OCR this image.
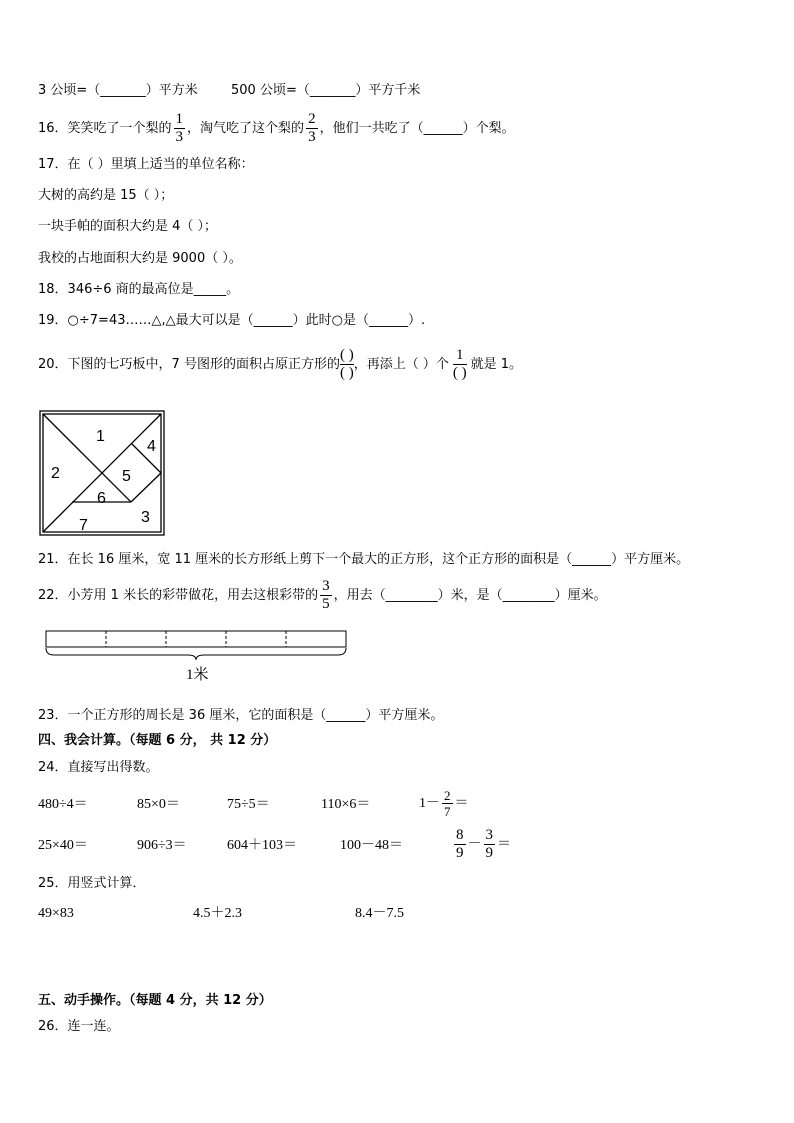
3 公顷=（_______）平方米	500 公顷=（_______）平方千米
16．笑笑吃了一个梨的 $\frac{1}{3}$ ，淘气吃了这个梨的 $\frac{2}{3}$ ，他们一共吃了（______）个梨。
17．在（ ）里填上适当的单位名称：
大树的高约是 15（ ）；
一块手帕的面积大约是 4（ ）；
我校的占地面积大约是 9000（ ）。
18．346÷6 商的最高位是_____。
19．○÷7=43……△,△最大可以是（______）此时○是（______）.
20．下图的七巧板中，7 号图形的面积占原正方形的
( )
( )
，再添上（ ）个
1
( )
就是 1。
1
2
3
4
5
6
7
21．在长 16 厘米，宽 11 厘米的长方形纸上剪下一个最大的正方形，这个正方形的面积是（______）平方厘米。
22．小芳用 1 米长的彩带做花，用去这根彩带的 $\frac{3}{5}$ ，用去（________）米，是（________）厘米。
1米
23．一个正方形的周长是 36 厘米，它的面积是（______）平方厘米。
四、我会计算。（每题 6 分， 共 12 分）
24．直接写出得数。
480÷4＝	85×0＝	75÷5＝	110×6＝	$1- \frac{2}{7}$ ＝
25×40＝	906÷3＝	604＋103＝	100－48＝	$\frac{8}{9} - \frac{3}{9}$ ＝
25．用竖式计算．
49×83	4.5＋2.3	8.4－7.5
五、动手操作。（每题 4 分，共 12 分）
26．连一连。
